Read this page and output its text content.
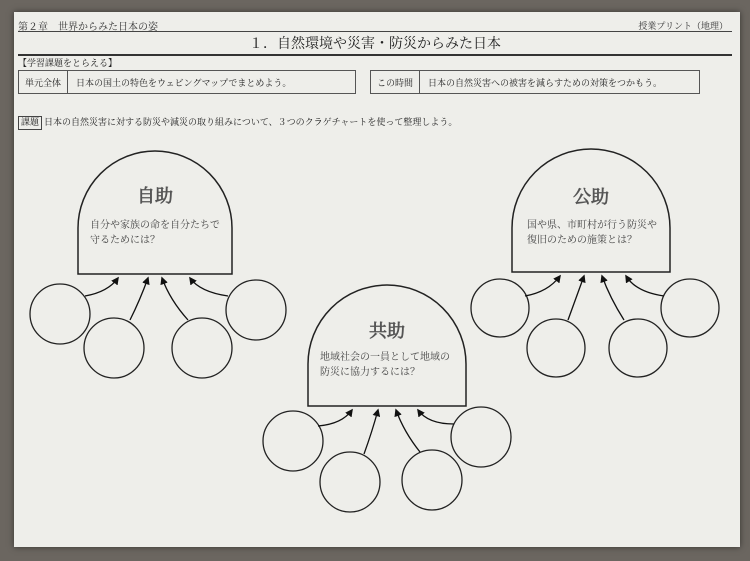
第２章　世界からみた日本の姿	授業プリント（地理）
１．自然環境や災害・防災からみた日本
【学習課題をとらえる】
単元全体	日本の国土の特色をウェビングマップでまとめよう。	この時間	日本の自然災害への被害を減らすための対策をつかもう。
課題 日本の自然災害に対する防災や減災の取り組みについて、３つのクラゲチャートを使って整理しよう。
自助
自分や家族の命を自分たちで
守るためには？
公助
国や県、市町村が行う防災や
復旧のための施策とは？
共助
地域社会の一員として地域の
防災に協力するには？
